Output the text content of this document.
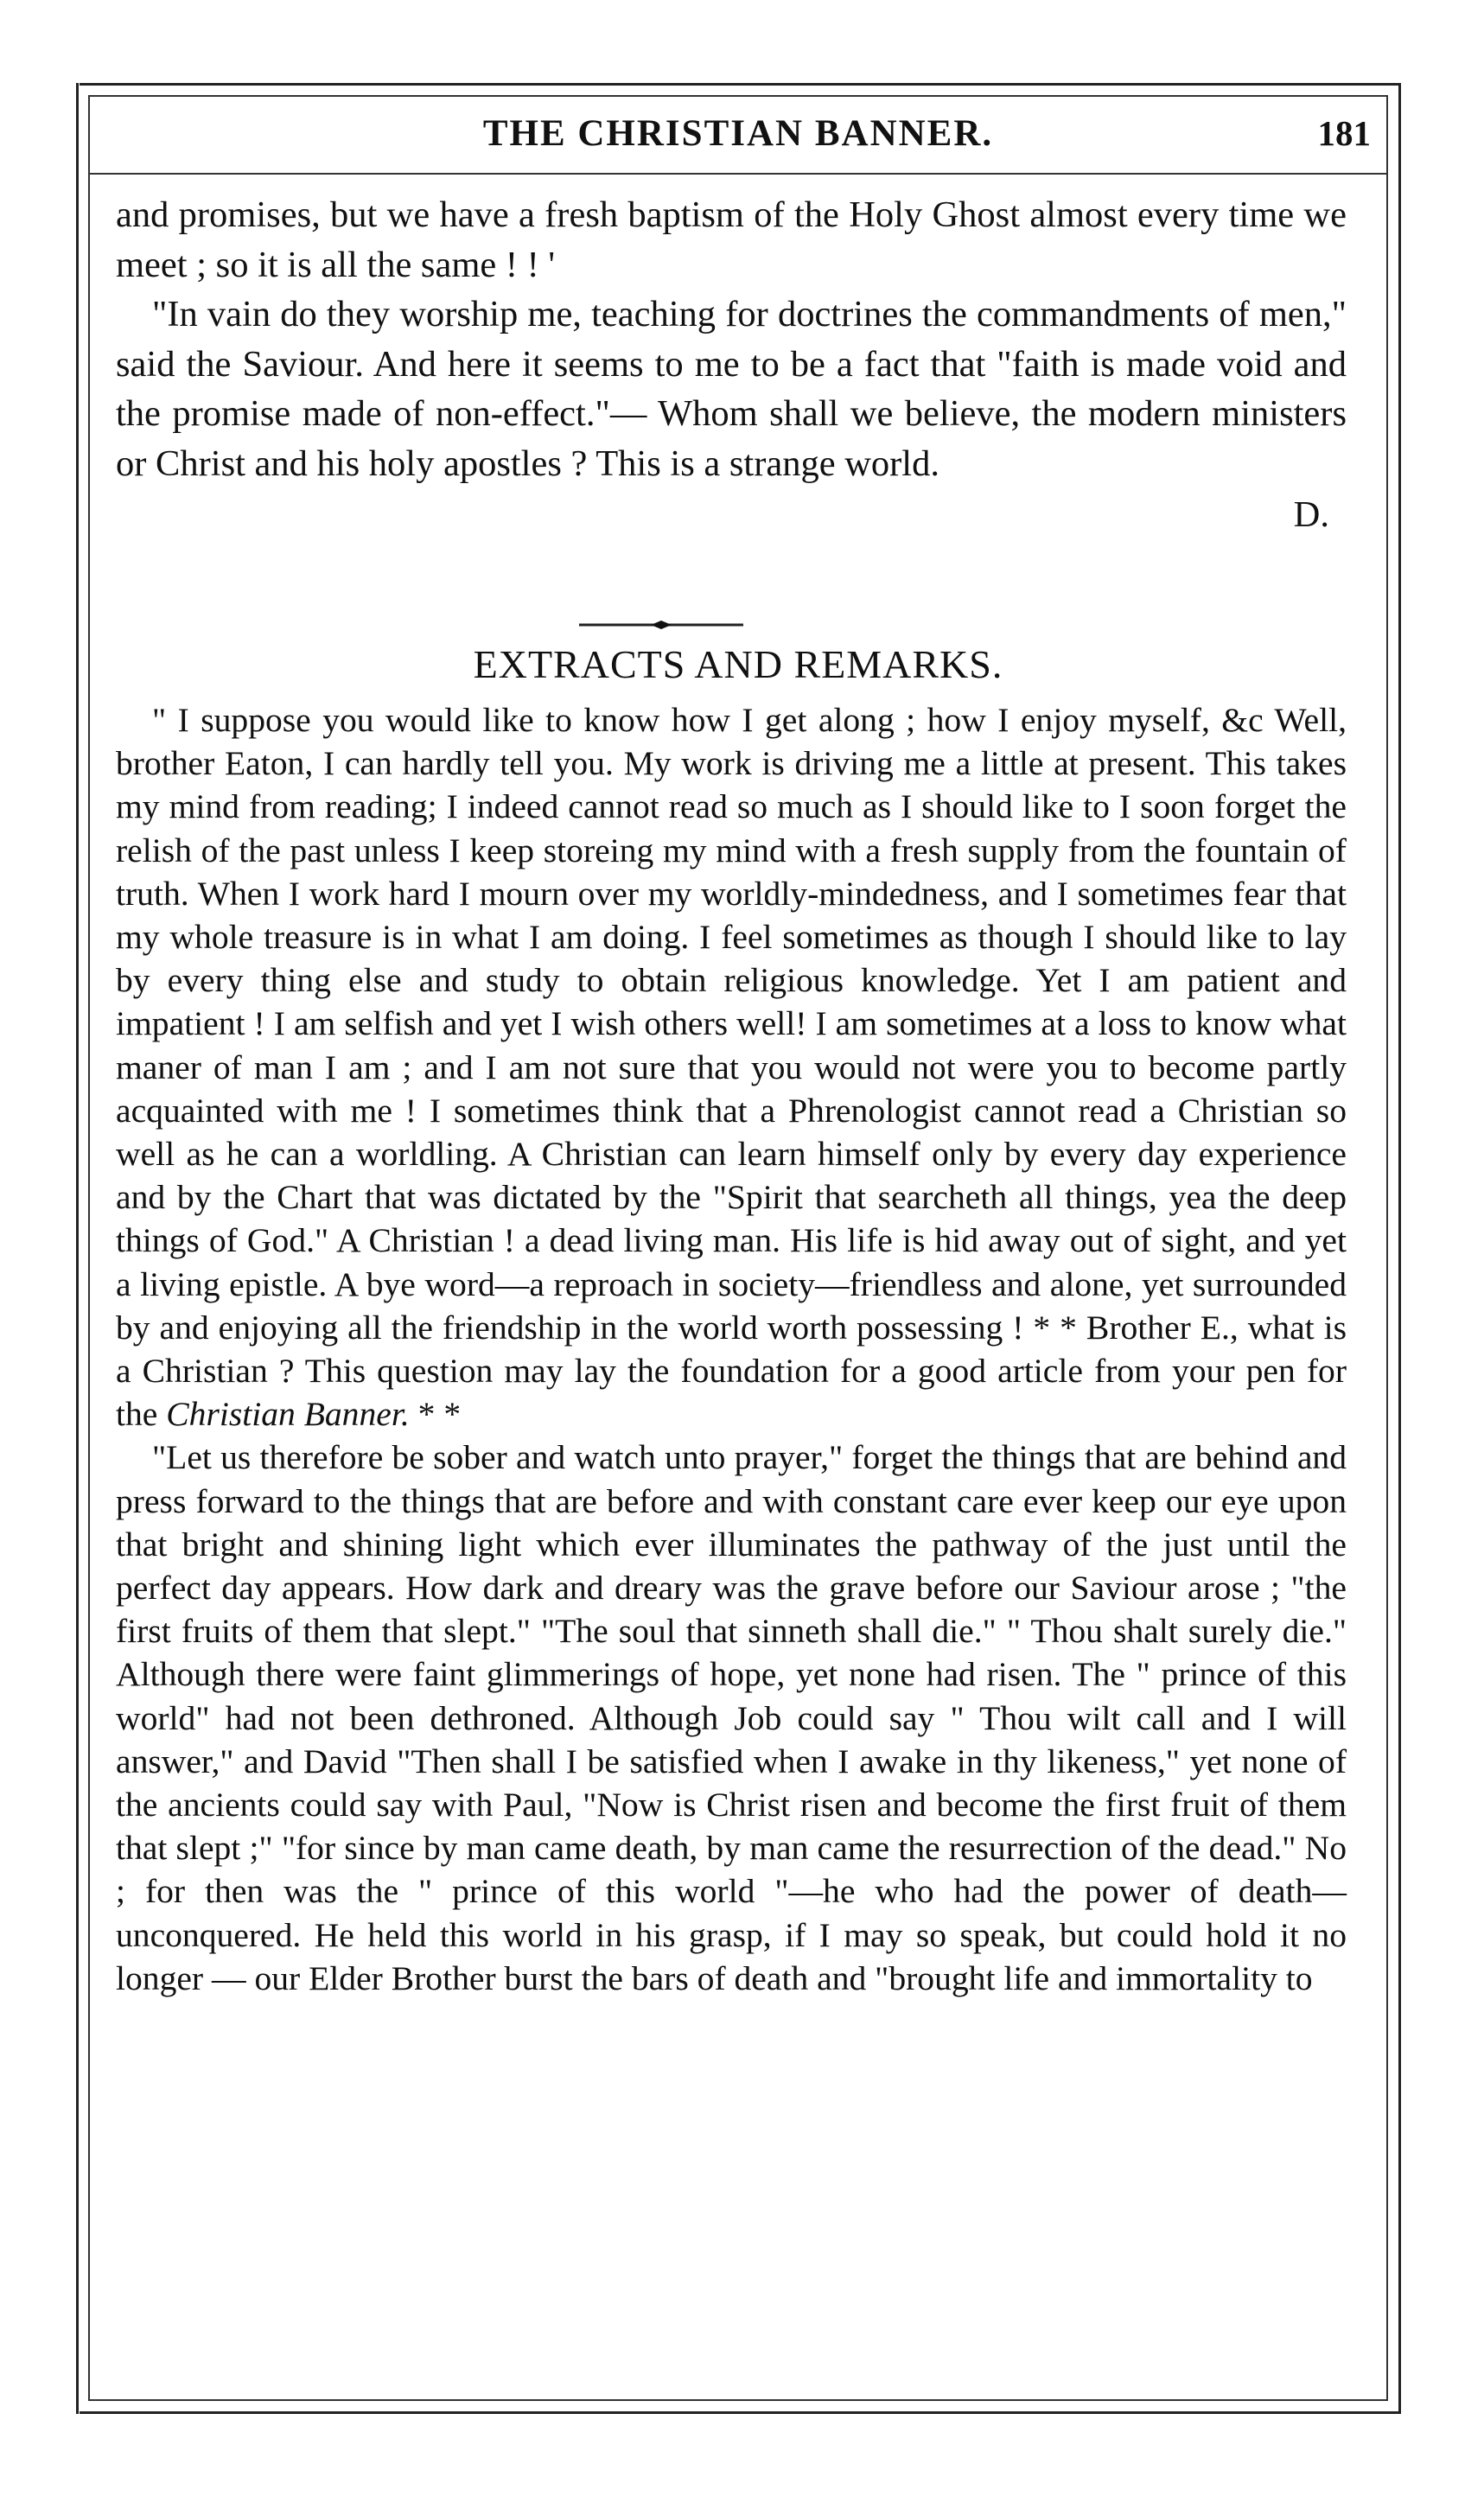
THE CHRISTIAN BANNER.	181

and promises, but we have a fresh baptism of the Holy Ghost almost every time we meet ; so it is all the same ! ! '

"In vain do they worship me, teaching for doctrines the commandments of men," said the Saviour. And here it seems to me to be a fact that "faith is made void and the promise made of non-effect."— Whom shall we believe, the modern ministers or Christ and his holy apostles ? This is a strange world.

D.

EXTRACTS AND REMARKS.

" I suppose you would like to know how I get along ; how I enjoy myself, &c Well, brother Eaton, I can hardly tell you. My work is driving me a little at present. This takes my mind from reading; I indeed cannot read so much as I should like to I soon forget the relish of the past unless I keep storeing my mind with a fresh supply from the fountain of truth. When I work hard I mourn over my worldly-mindedness, and I sometimes fear that my whole treasure is in what I am doing. I feel sometimes as though I should like to lay by every thing else and study to obtain religious knowledge. Yet I am patient and impatient ! I am selfish and yet I wish others well! I am sometimes at a loss to know what maner of man I am ; and I am not sure that you would not were you to become partly acquainted with me ! I sometimes think that a Phrenologist cannot read a Christian so well as he can a worldling. A Christian can learn himself only by every day experience and by the Chart that was dictated by the "Spirit that searcheth all things, yea the deep things of God." A Christian ! a dead living man. His life is hid away out of sight, and yet a living epistle. A bye word—a reproach in society—friendless and alone, yet surrounded by and enjoying all the friendship in the world worth possessing ! * * Brother E., what is a Christian ? This question may lay the foundation for a good article from your pen for the Christian Banner. * *

"Let us therefore be sober and watch unto prayer," forget the things that are behind and press forward to the things that are before and with constant care ever keep our eye upon that bright and shining light which ever illuminates the pathway of the just until the perfect day appears. How dark and dreary was the grave before our Saviour arose ; "the first fruits of them that slept." "The soul that sinneth shall die." " Thou shalt surely die." Although there were faint glimmerings of hope, yet none had risen. The " prince of this world" had not been dethroned. Although Job could say " Thou wilt call and I will answer," and David "Then shall I be satisfied when I awake in thy likeness," yet none of the ancients could say with Paul, "Now is Christ risen and become the first fruit of them that slept ;" "for since by man came death, by man came the resurrection of the dead." No ; for then was the " prince of this world "—he who had the power of death—unconquered. He held this world in his grasp, if I may so speak, but could hold it no longer — our Elder Brother burst the bars of death and "brought life and immortality to
